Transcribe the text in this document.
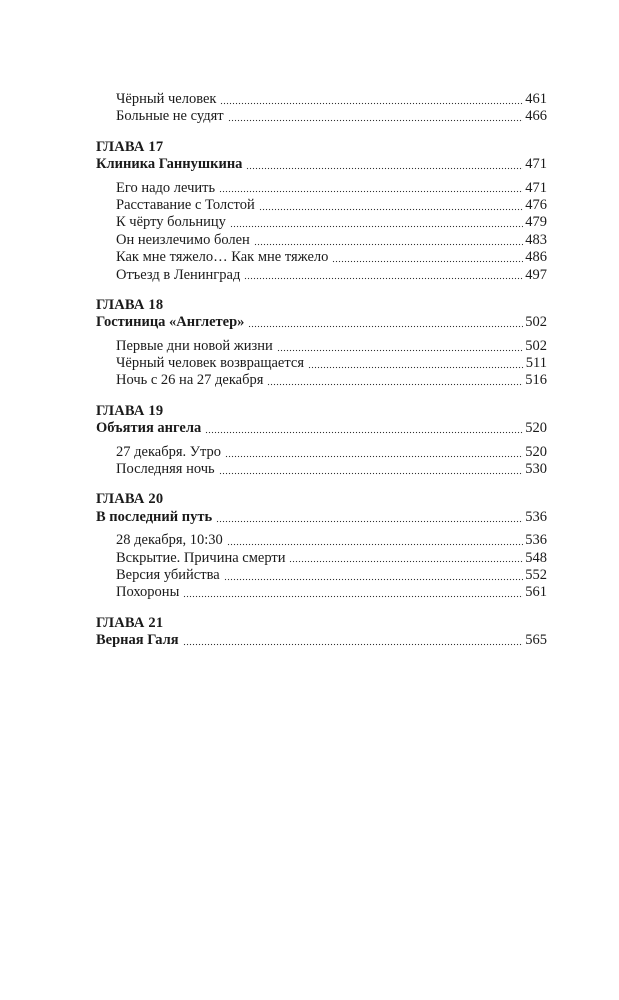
Чёрный человек	461
Больные не судят	466
ГЛАВА 17
Клиника Ганнушкина	471
Его надо лечить	471
Расставание с Толстой	476
К чёрту больницу	479
Он неизлечимо болен	483
Как мне тяжело… Как мне тяжело	486
Отъезд в Ленинград	497
ГЛАВА 18
Гостиница «Англетер»	502
Первые дни новой жизни	502
Чёрный человек возвращается	511
Ночь с 26 на 27 декабря	516
ГЛАВА 19
Объятия ангела	520
27 декабря. Утро	520
Последняя ночь	530
ГЛАВА 20
В последний путь	536
28 декабря, 10:30	536
Вскрытие. Причина смерти	548
Версия убийства	552
Похороны	561
ГЛАВА 21
Верная Галя	565
